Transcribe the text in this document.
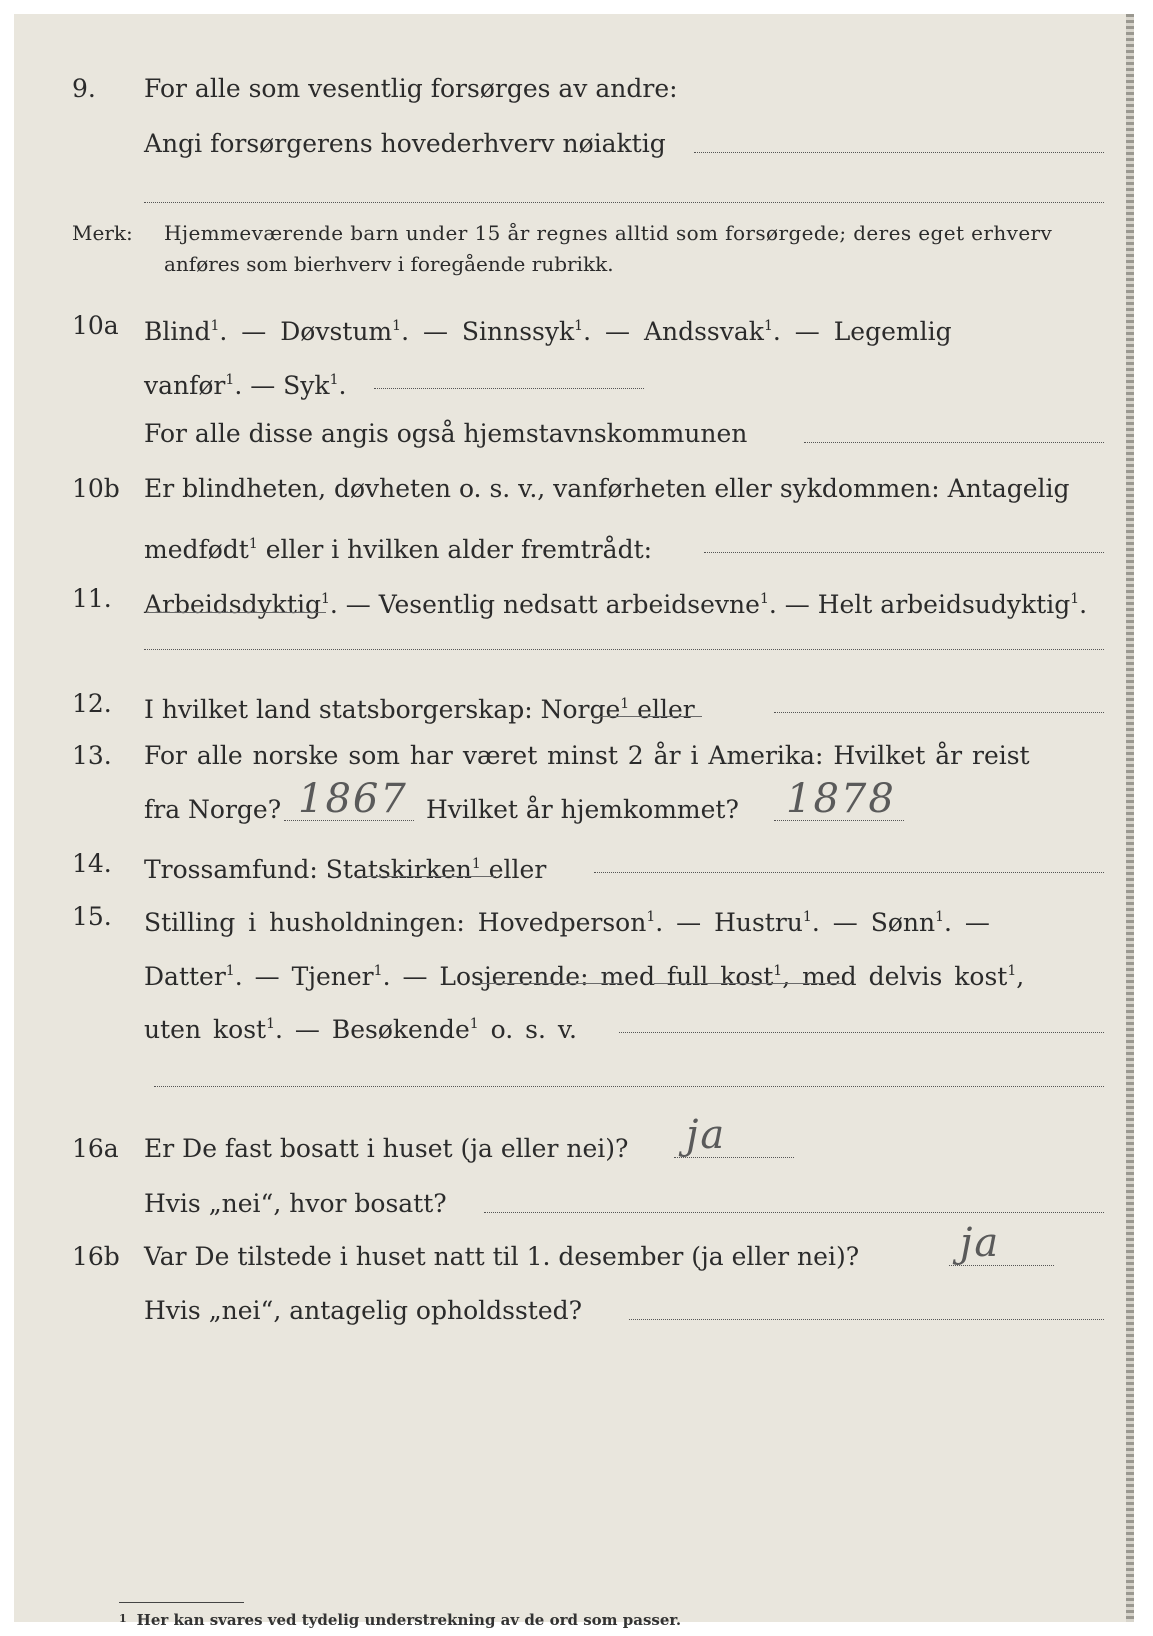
9. For alle som vesentlig forsørges av andre:
Angi forsørgerens hovederhverv nøiaktig
Merk: Hjemmeværende barn under 15 år regnes alltid som forsørgede; deres eget erhverv
anføres som bierhverv i foregående rubrikk.
10a Blind$^1$. — Døvstum$^1$. — Sinnssyk$^1$. — Andssvak$^1$. — Legemlig
vanfør$^1$. — Syk$^1$.
For alle disse angis også hjemstavnskommunen
10b Er blindheten, døvheten o. s. v., vanførheten eller sykdommen: Antagelig
medfødt$^1$ eller i hvilken alder fremtrådt:
11. Arbeidsdyktig$^1$. — Vesentlig nedsatt arbeidsevne$^1$. — Helt arbeidsudyktig$^1$.
12. I hvilket land statsborgerskap: Norge$^1$ eller
13. For alle norske som har været minst 2 år i Amerika: Hvilket år reist
fra Norge?	Hvilket år hjemkommet?
1867	1878
14. Trossamfund: Statskirken$^1$ eller
15. Stilling i husholdningen: Hovedperson$^1$. — Hustru$^1$. — Sønn$^1$. —
Datter$^1$. — Tjener$^1$. — Losjerende: med full kost$^1$, med delvis kost$^1$,
uten kost$^1$. — Besøkende$^1$ o. s. v.
16a Er De fast bosatt i huset (ja eller nei)? ja
Hvis „nei“, hvor bosatt?
16b Var De tilstede i huset natt til 1. desember (ja eller nei)?	ja
Hvis „nei“, antagelig opholdssted?
$^1$ Her kan svares ved tydelig understrekning av de ord som passer.
